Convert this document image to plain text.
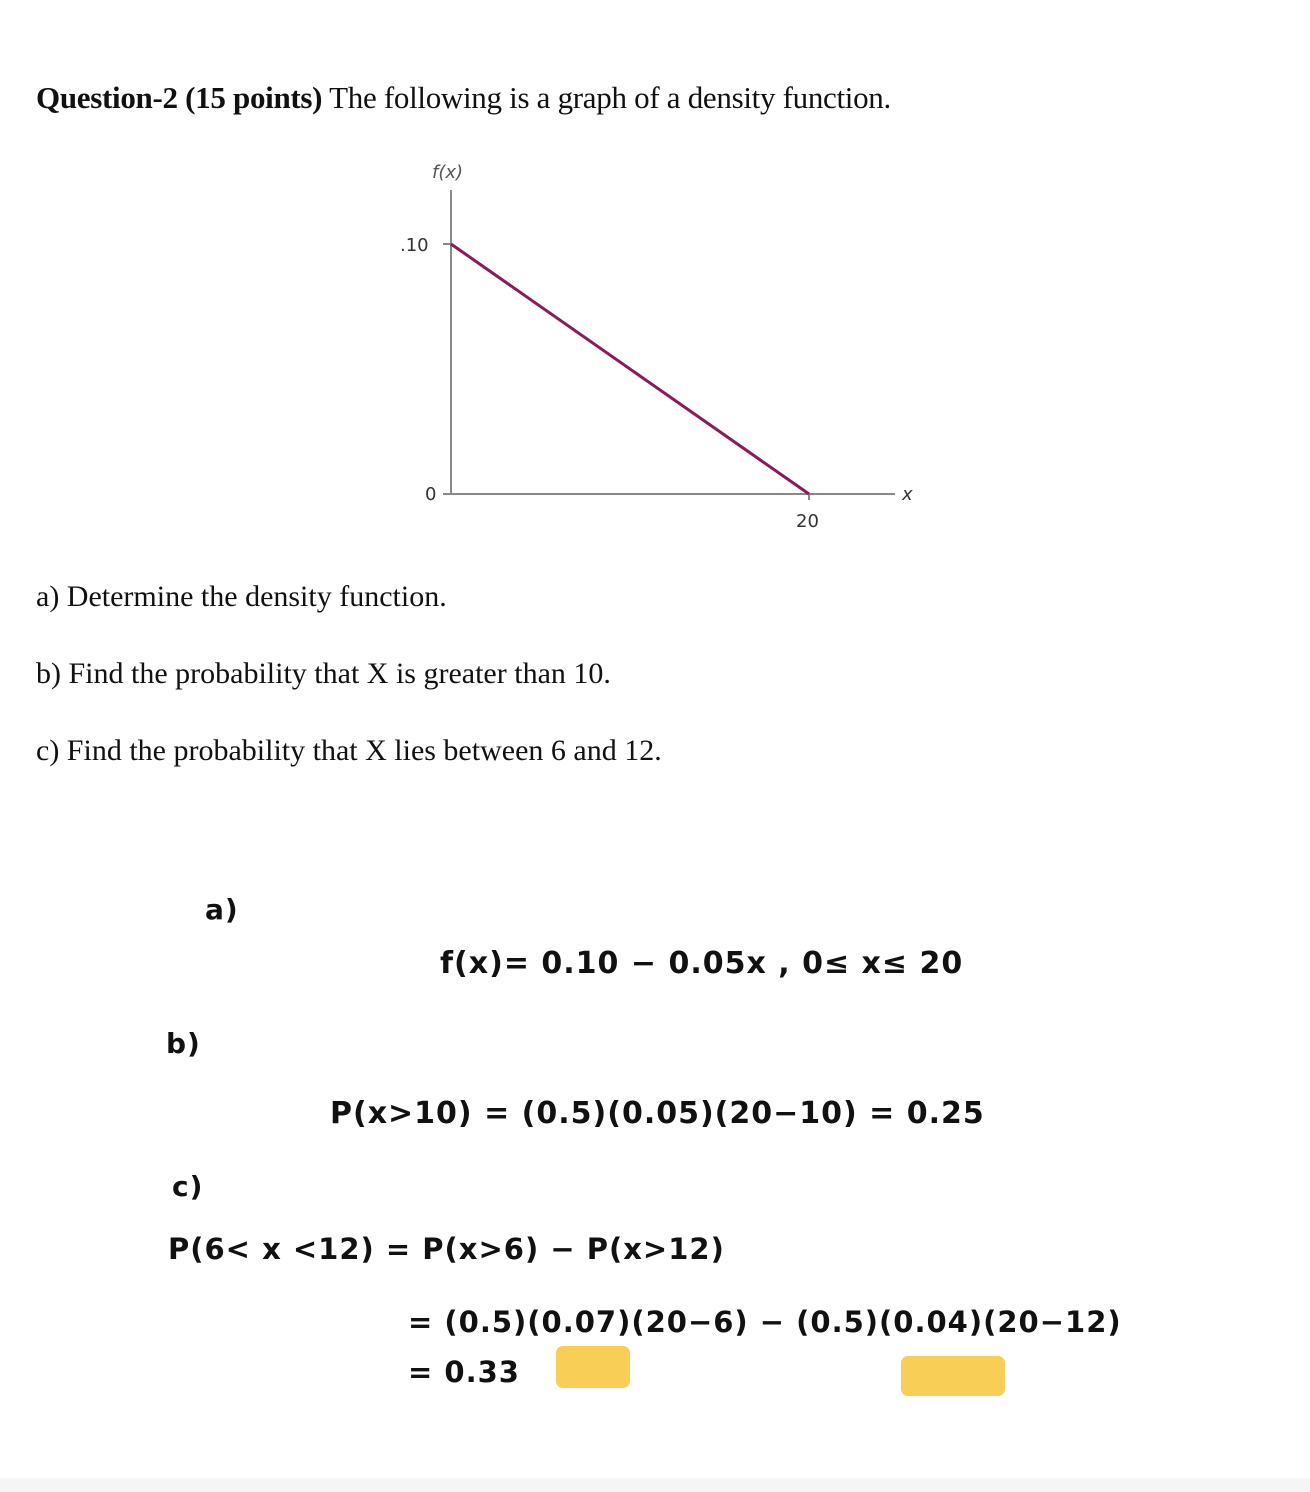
Question-2 (15 points) The following is a graph of a density function.
f(x)
x
.10
0
20
a) Determine the density function.
b) Find the probability that X is greater than 10.
c) Find the probability that X lies between 6 and 12.
a)
f(x)= 0.10 − 0.05x , 0≤ x≤ 20
b)
P(x>10) = (0.5)(0.05)(20−10) = 0.25
c)
P(6< x <12) = P(x>6) − P(x>12)
= (0.5)(0.07)(20−6) − (0.5)(0.04)(20−12)
= 0.33
